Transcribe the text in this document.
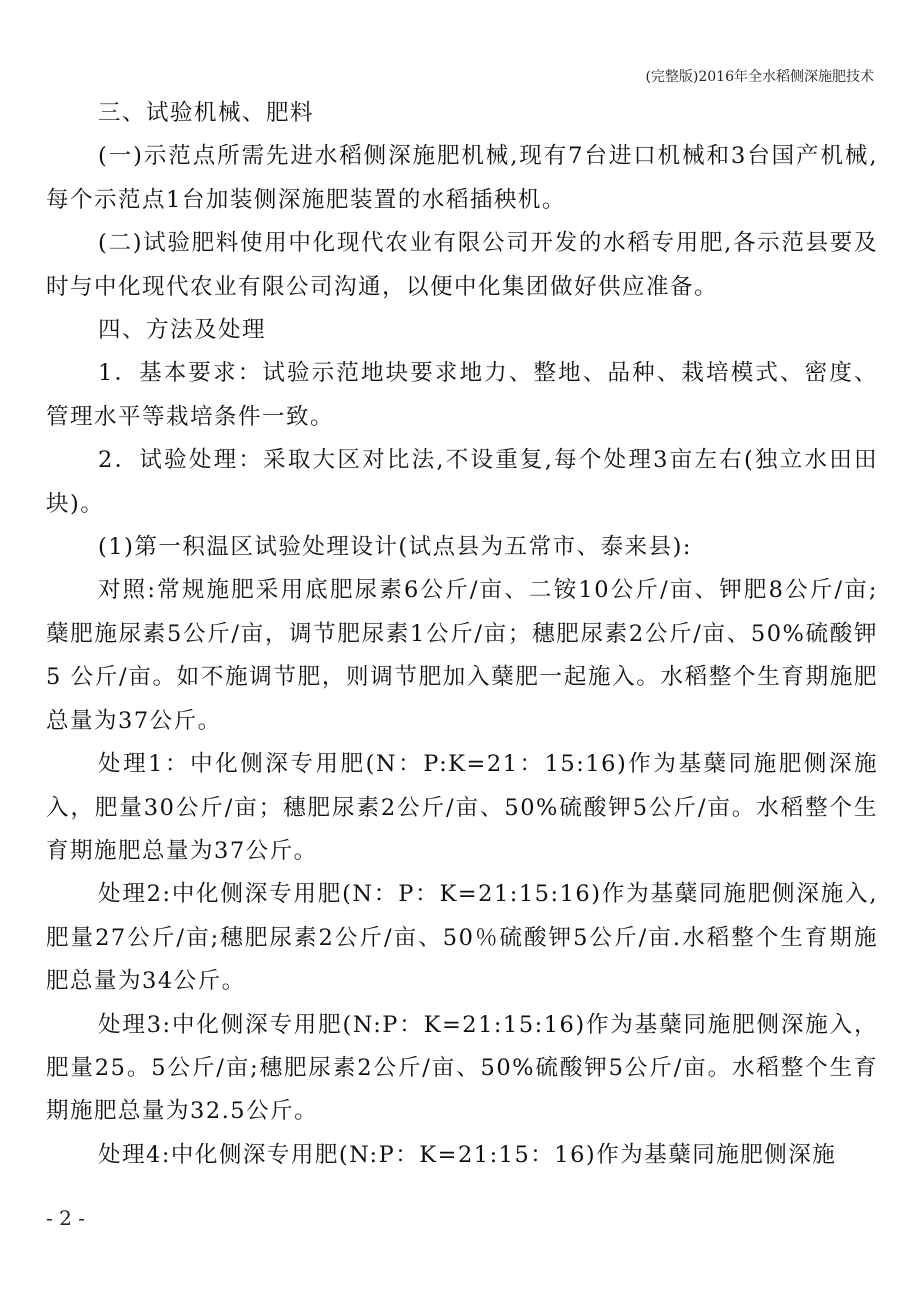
(完整版)2016年全水稻侧深施肥技术

三、试验机械、肥料

(一)示范点所需先进水稻侧深施肥机械,现有7台进口机械和3台国产机械,每个示范点1台加装侧深施肥装置的水稻插秧机。

(二)试验肥料使用中化现代农业有限公司开发的水稻专用肥,各示范县要及时与中化现代农业有限公司沟通，以便中化集团做好供应准备。

四、方法及处理

1．基本要求：试验示范地块要求地力、整地、品种、栽培模式、密度、管理水平等栽培条件一致。

2．试验处理：采取大区对比法,不设重复,每个处理3亩左右(独立水田田块)。

(1)第一积温区试验处理设计(试点县为五常市、泰来县):

对照:常规施肥采用底肥尿素6公斤/亩、二铵10公斤/亩、钾肥8公斤/亩;蘖肥施尿素5公斤/亩，调节肥尿素1公斤/亩；穗肥尿素2公斤/亩、50%硫酸钾5 公斤/亩。如不施调节肥，则调节肥加入蘖肥一起施入。水稻整个生育期施肥总量为37公斤。

处理1：中化侧深专用肥(N：P:K=21：15:16)作为基蘖同施肥侧深施入，肥量30公斤/亩；穗肥尿素2公斤/亩、50%硫酸钾5公斤/亩。水稻整个生育期施肥总量为37公斤。

处理2:中化侧深专用肥(N：P：K=21:15:16)作为基蘖同施肥侧深施入,肥量27公斤/亩;穗肥尿素2公斤/亩、50％硫酸钾5公斤/亩.水稻整个生育期施肥总量为34公斤。

处理3:中化侧深专用肥(N:P：K=21:15:16)作为基蘖同施肥侧深施入，肥量25。5公斤/亩;穗肥尿素2公斤/亩、50%硫酸钾5公斤/亩。水稻整个生育期施肥总量为32.5公斤。

处理4:中化侧深专用肥(N:P：K=21:15：16)作为基蘖同施肥侧深施

- 2 -
